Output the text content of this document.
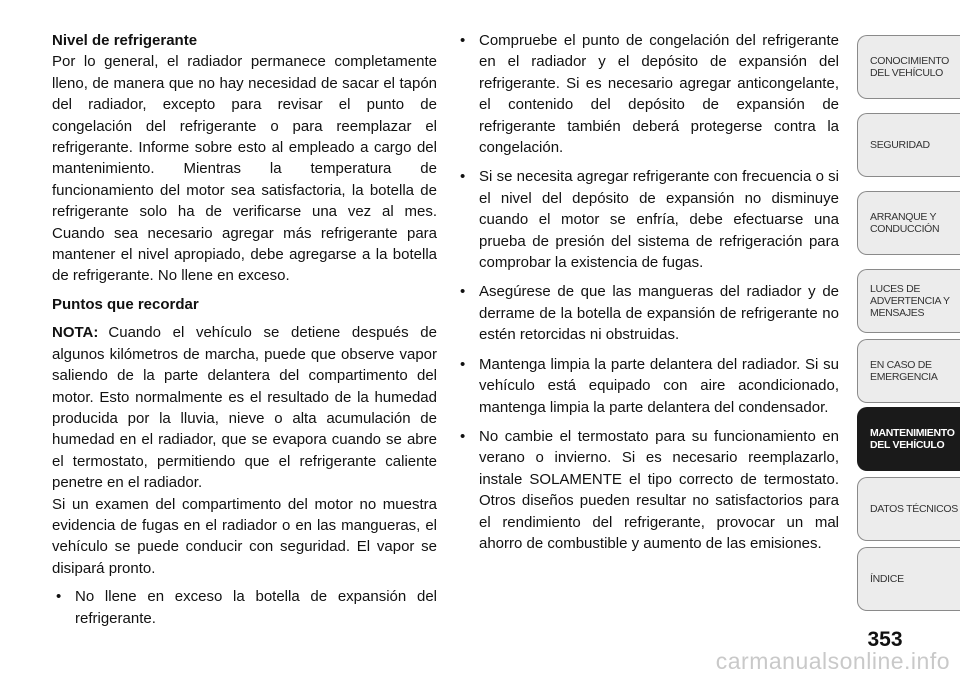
Nivel de refrigerante

Por lo general, el radiador permanece completamente lleno, de manera que no hay necesidad de sacar el tapón del radiador, excepto para revisar el punto de congelación del refrigerante o para reemplazar el refrigerante. Informe sobre esto al empleado a cargo del mantenimiento. Mientras la temperatura de funcionamiento del motor sea satisfactoria, la botella de refrigerante solo ha de verificarse una vez al mes. Cuando sea necesario agregar más refrigerante para mantener el nivel apropiado, debe agregarse a la botella de refrigerante. No llene en exceso.

Puntos que recordar

NOTA: Cuando el vehículo se detiene después de algunos kilómetros de marcha, puede que observe vapor saliendo de la parte delantera del compartimento del motor. Esto normalmente es el resultado de la humedad producida por la lluvia, nieve o alta acumulación de humedad en el radiador, que se evapora cuando se abre el termostato, permitiendo que el refrigerante caliente penetre en el radiador.

Si un examen del compartimento del motor no muestra evidencia de fugas en el radiador o en las mangueras, el vehículo se puede conducir con seguridad. El vapor se disipará pronto.

• No llene en exceso la botella de expansión del refrigerante.
• Compruebe el punto de congelación del refrigerante en el radiador y el depósito de expansión del refrigerante. Si es necesario agregar anticongelante, el contenido del depósito de expansión de refrigerante también deberá protegerse contra la congelación.
• Si se necesita agregar refrigerante con frecuencia o si el nivel del depósito de expansión no disminuye cuando el motor se enfría, debe efectuarse una prueba de presión del sistema de refrigeración para comprobar la existencia de fugas.
• Asegúrese de que las mangueras del radiador y de derrame de la botella de expansión de refrigerante no estén retorcidas ni obstruidas.
• Mantenga limpia la parte delantera del radiador. Si su vehículo está equipado con aire acondicionado, mantenga limpia la parte delantera del condensador.
• No cambie el termostato para su funcionamiento en verano o invierno. Si es necesario reemplazarlo, instale SOLAMENTE el tipo correcto de termostato. Otros diseños pueden resultar no satisfactorios para el rendimiento del refrigerante, provocar un mal ahorro de combustible y aumento de las emisiones.
CONOCIMIENTO DEL VEHÍCULO
SEGURIDAD
ARRANQUE Y CONDUCCIÓN
LUCES DE ADVERTENCIA Y MENSAJES
EN CASO DE EMERGENCIA
MANTENIMIENTO DEL VEHÍCULO
DATOS TÉCNICOS
ÍNDICE
353
carmanualsonline.info
